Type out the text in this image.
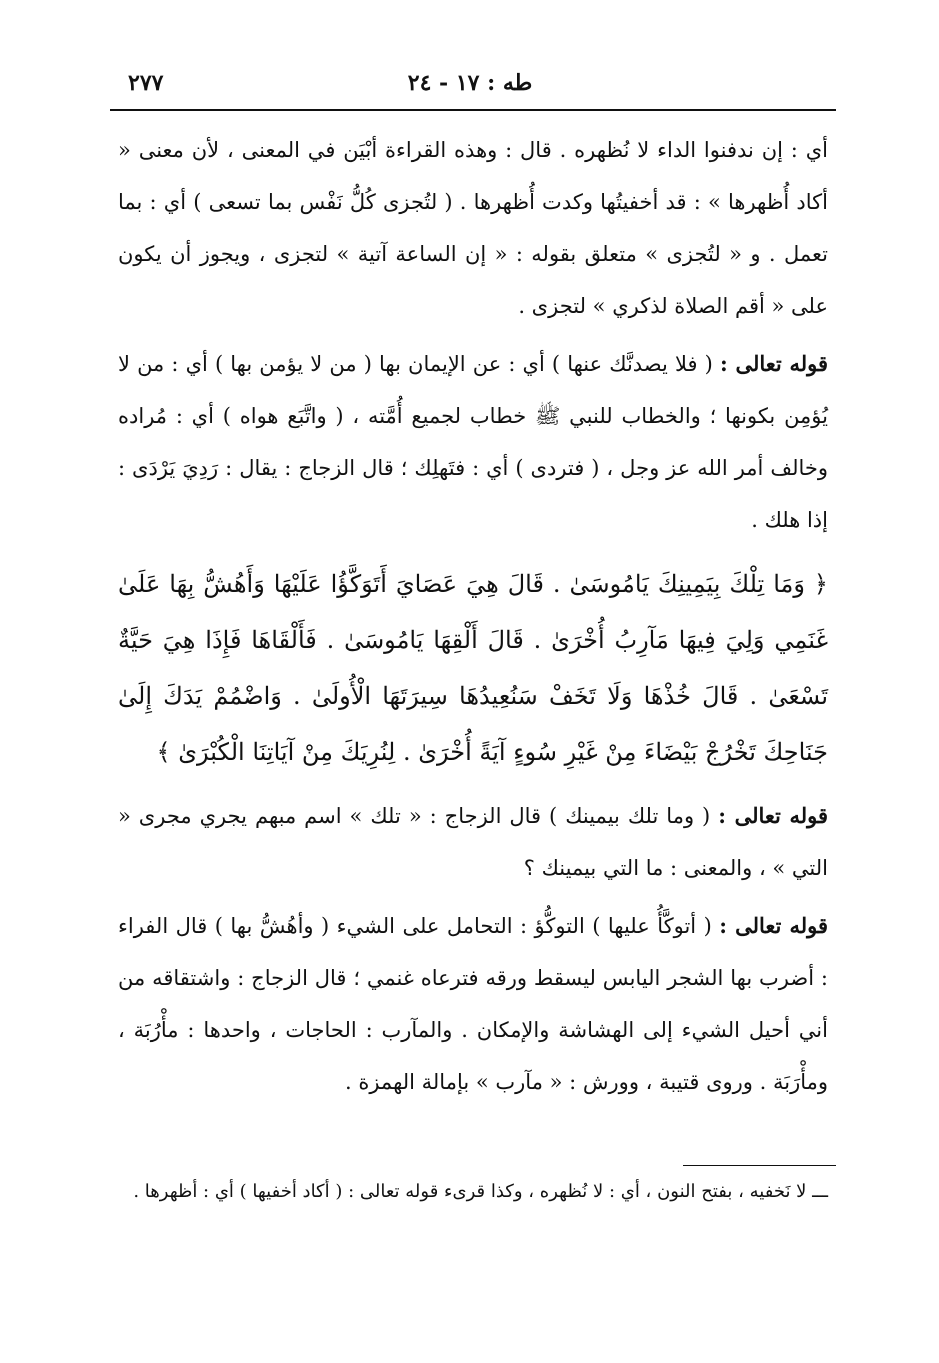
٢٧٧	طه : ١٧ - ٢٤

أي : إن ندفنوا الداء لا نُظهره . قال : وهذه القراءة أبْيَن في المعنى ، لأن معنى « أكاد أُظهرها » : قد أخفيتُها وكدت أُظهرها . ( لتُجزى كُلُّ نَفْس بما تسعى ) أي : بما تعمل . و « لتُجزى » متعلق بقوله : « إن الساعة آتية » لتجزى ، ويجوز أن يكون على « أقم الصلاة لذكري » لتجزى .

قوله تعالى : ( فلا يصدنَّك عنها ) أي : عن الإيمان بها ( من لا يؤمن بها ) أي : من لا يُؤمِن بكونها ؛ والخطاب للنبي ﷺ خطاب لجميع أُمَّته ، ( واتَّبَع هواه ) أي : مُراده وخالف أمر الله عز وجل ، ( فتردى ) أي : فتَهلِك ؛ قال الزجاج : يقال : رَدِيَ يَرْدَى : إذا هلك .

﴿ وَمَا تِلْكَ بِيَمِينِكَ يَامُوسَىٰ . قَالَ هِيَ عَصَايَ أَتَوَكَّؤُا عَلَيْهَا وَأَهُشُّ بِهَا عَلَىٰ غَنَمِي وَلِيَ فِيهَا مَآرِبُ أُخْرَىٰ . قَالَ أَلْقِهَا يَامُوسَىٰ . فَأَلْقَاهَا فَإِذَا هِيَ حَيَّةٌ تَسْعَىٰ . قَالَ خُذْهَا وَلَا تَخَفْ سَنُعِيدُهَا سِيرَتَهَا الْأُولَىٰ . وَاضْمُمْ يَدَكَ إِلَىٰ جَنَاحِكَ تَخْرُجْ بَيْضَاءَ مِنْ غَيْرِ سُوءٍ آيَةً أُخْرَىٰ . لِنُرِيَكَ مِنْ آيَاتِنَا الْكُبْرَىٰ ﴾

قوله تعالى : ( وما تلك بيمينك ) قال الزجاج : « تلك » اسم مبهم يجري مجرى « التي » ، والمعنى : ما التي بيمينك ؟

قوله تعالى : ( أتوكَّأُ عليها ) التوكُّؤ : التحامل على الشيء ( وأهُشُّ بها ) قال الفراء : أضرب بها الشجر اليابس ليسقط ورقه فترعاه غنمي ؛ قال الزجاج : واشتقاقه من أني أحيل الشيء إلى الهشاشة والإمكان . والمآرب : الحاجات ، واحدها : مأْرُبَة ، ومأْرَبَة . وروى قتيبة ، وورش : « مآرب » بإمالة الهمزة .

ـــ لا نَخفيه ، بفتح النون ، أي : لا نُظهره ، وكذا قرىء قوله تعالى : ( أكاد أخفيها ) أي : أظهرها .
